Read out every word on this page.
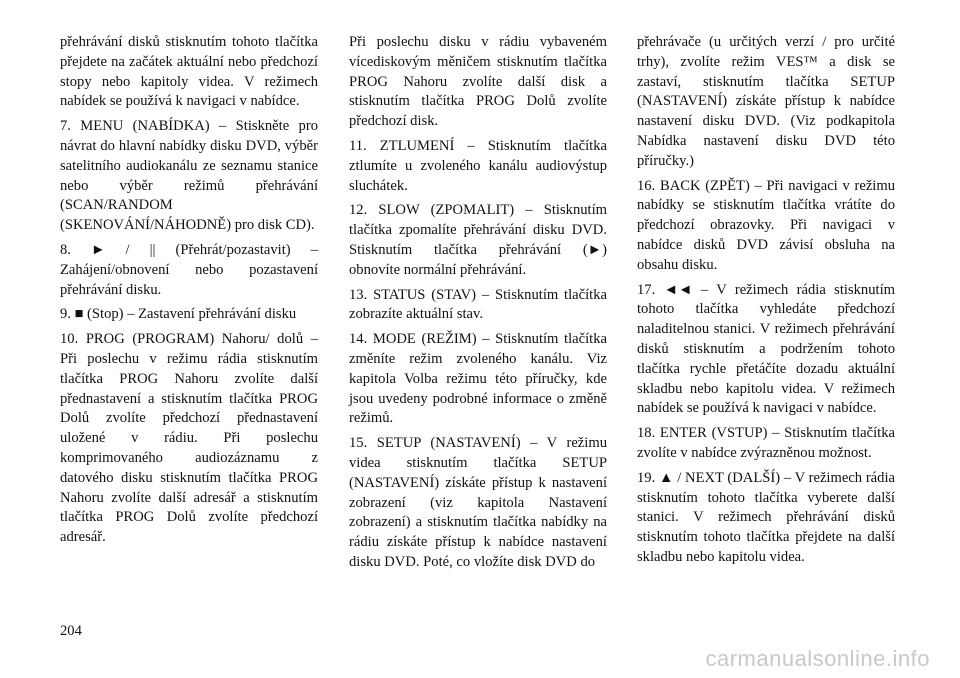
přehrávání disků stisknutím tohoto tlačítka přejdete na začátek aktuální nebo předchozí stopy nebo kapitoly videa. V režimech nabídek se používá k navigaci v nabídce.

7. MENU (NABÍDKA) – Stiskněte pro návrat do hlavní nabídky disku DVD, výběr satelitního audiokanálu ze seznamu stanice nebo výběr režimů přehrávání (SCAN/RANDOM (SKENOVÁNÍ/NÁHODNĚ) pro disk CD).

8. ► / || (Přehrát/pozastavit) – Zahájení/obnovení nebo pozastavení přehrávání disku.

9. ■ (Stop) – Zastavení přehrávání disku

10. PROG (PROGRAM) Nahoru/ dolů – Při poslechu v režimu rádia stisknutím tlačítka PROG Nahoru zvolíte další přednastavení a stisknutím tlačítka PROG Dolů zvolíte předchozí přednastavení uložené v rádiu. Při poslechu komprimovaného audiozáznamu z datového disku stisknutím tlačítka PROG Nahoru zvolíte další adresář a stisknutím tlačítka PROG Dolů zvolíte předchozí adresář.

Při poslechu disku v rádiu vybaveném vícediskovým měničem stisknutím tlačítka PROG Nahoru zvolíte další disk a stisknutím tlačítka PROG Dolů zvolíte předchozí disk.

11. ZTLUMENÍ – Stisknutím tlačítka ztlumíte u zvoleného kanálu audiovýstup sluchátek.

12. SLOW (ZPOMALIT) – Stisknutím tlačítka zpomalíte přehrávání disku DVD. Stisknutím tlačítka přehrávání (►) obnovíte normální přehrávání.

13. STATUS (STAV) – Stisknutím tlačítka zobrazíte aktuální stav.

14. MODE (REŽIM) – Stisknutím tlačítka změníte režim zvoleného kanálu. Viz kapitola Volba režimu této příručky, kde jsou uvedeny podrobné informace o změně režimů.

15. SETUP (NASTAVENÍ) – V režimu videa stisknutím tlačítka SETUP (NASTAVENÍ) získáte přístup k nastavení zobrazení (viz kapitola Nastavení zobrazení) a stisknutím tlačítka nabídky na rádiu získáte přístup k nabídce nastavení disku DVD. Poté, co vložíte disk DVD do

přehrávače (u určitých verzí / pro určité trhy), zvolíte režim VES™ a disk se zastaví, stisknutím tlačítka SETUP (NASTAVENÍ) získáte přístup k nabídce nastavení disku DVD. (Viz podkapitola Nabídka nastavení disku DVD této příručky.)

16. BACK (ZPĚT) – Při navigaci v režimu nabídky se stisknutím tlačítka vrátíte do předchozí obrazovky. Při navigaci v nabídce disků DVD závisí obsluha na obsahu disku.

17. ◄◄ – V režimech rádia stisknutím tohoto tlačítka vyhledáte předchozí naladitelnou stanici. V režimech přehrávání disků stisknutím a podržením tohoto tlačítka rychle přetáčíte dozadu aktuální skladbu nebo kapitolu videa. V režimech nabídek se používá k navigaci v nabídce.

18. ENTER (VSTUP) – Stisknutím tlačítka zvolíte v nabídce zvýrazněnou možnost.

19. ▲ / NEXT (DALŠÍ) – V režimech rádia stisknutím tohoto tlačítka vyberete další stanici. V režimech přehrávání disků stisknutím tohoto tlačítka přejdete na další skladbu nebo kapitolu videa.

204
carmanualsonline.info
